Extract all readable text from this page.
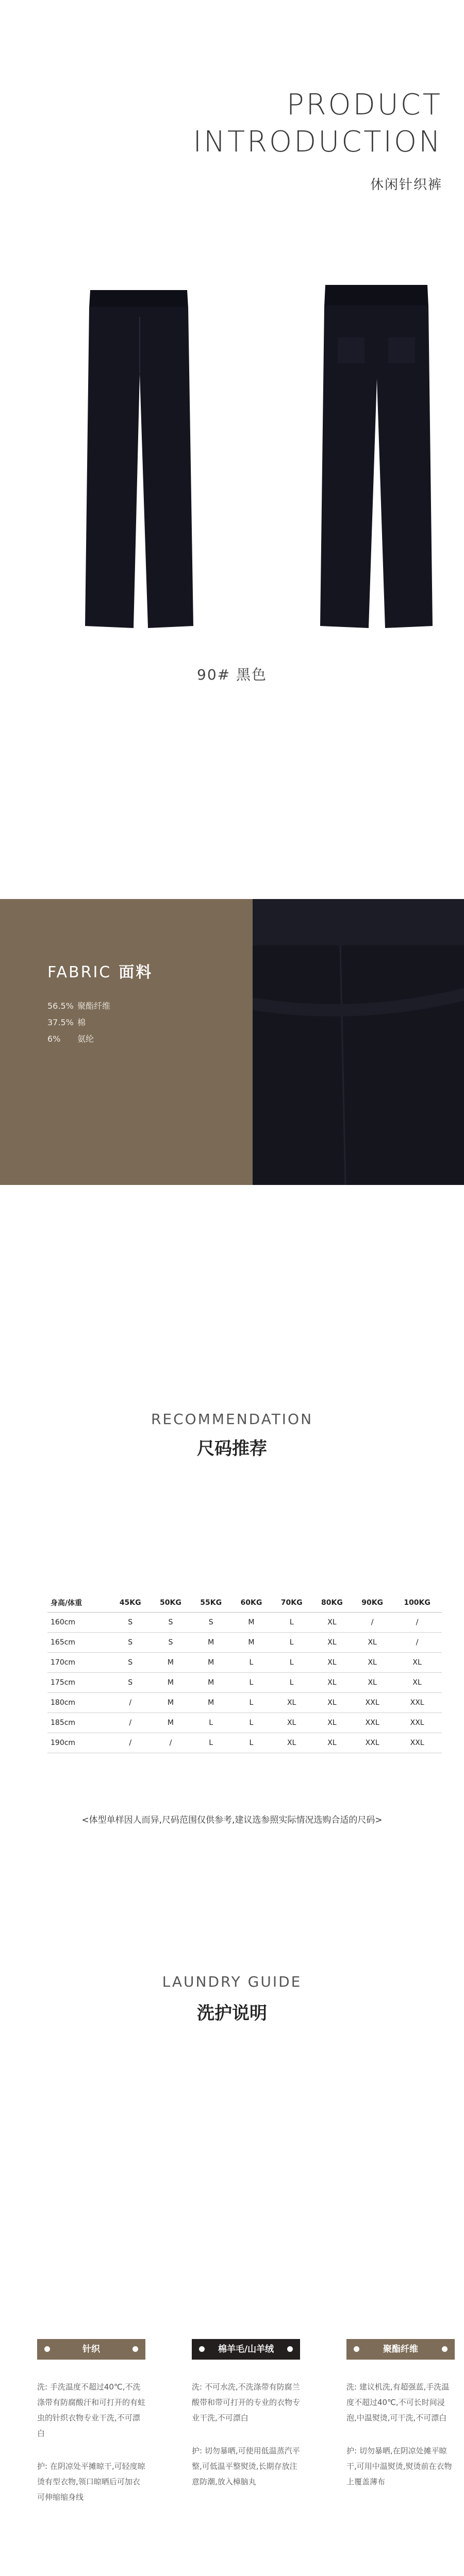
PRODUCT
INTRODUCTION
休闲针织裤
90# 黑色
FABRIC 面料
56.5% 聚酯纤维
37.5% 棉
6% 氨纶
RECOMMENDATION
尺码推荐
身高/体重	45KG	50KG	55KG	60KG	70KG	80KG	90KG	100KG
160cm	S	S	S	M	L	XL	/	/
165cm	S	S	M	M	L	XL	XL	/
170cm	S	M	M	L	L	XL	XL	XL
175cm	S	M	M	L	L	XL	XL	XL
180cm	/	M	M	L	XL	XL	XXL	XXL
185cm	/	M	L	L	XL	XL	XXL	XXL
190cm	/	/	L	L	XL	XL	XXL	XXL
<体型单样因人而异,尺码范围仅供参考,建议选参照实际情况选购合适的尺码>
LAUNDRY GUIDE
洗护说明
针织
洗: 手洗温度不超过40℃,不洗涤带有防腐酸汗和可打开的有蛀虫的针织衣物专业干洗,不可漂白
护: 在阴凉处平摊晾干,可轻度晾烫有型衣物,领口晾晒后可加衣可伸缩缩身线
棉羊毛/山羊绒
洗: 不可水洗,不洗涤带有防腐兰酸带和带可打开的专业的衣物专业干洗,不可漂白
护: 切勿暴晒,可使用低温蒸汽平整,可低温平整熨烫,长期存放注意防潮,放入樟脑丸
聚酯纤维
洗: 建议机洗,有超强蓝,手洗温度不超过40℃,不可长时间浸泡,中温熨烫,可干洗,不可漂白
护: 切勿暴晒,在阴凉处摊平晾干,可用中温熨烫,熨烫前在衣物上覆盖薄布
